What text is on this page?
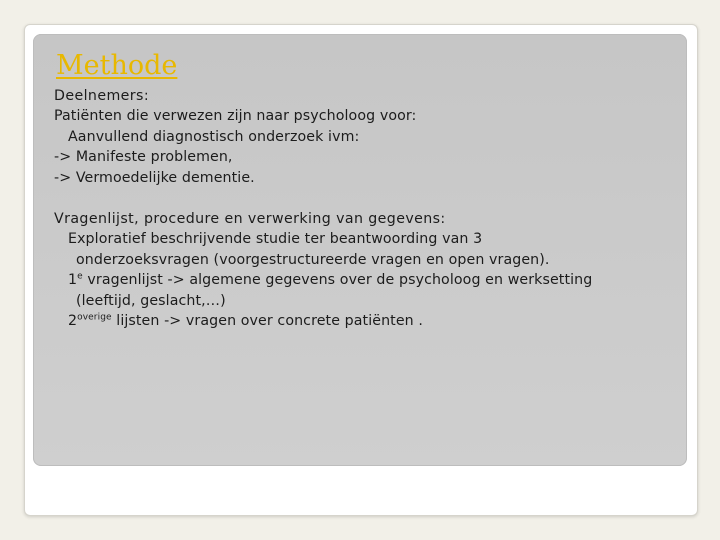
Methode
Deelnemers:
Patiënten die verwezen zijn naar psycholoog voor:
Aanvullend diagnostisch onderzoek ivm:
-> Manifeste problemen,
-> Vermoedelijke dementie.
Vragenlijst, procedure en verwerking van gegevens:
Exploratief beschrijvende studie ter beantwoording van 3
onderzoeksvragen (voorgestructureerde vragen en open vragen).
1e vragenlijst -> algemene gegevens over de psycholoog en werksetting
(leeftijd, geslacht,…)
$2^{overige}$ lijsten -> vragen over concrete patiënten .
